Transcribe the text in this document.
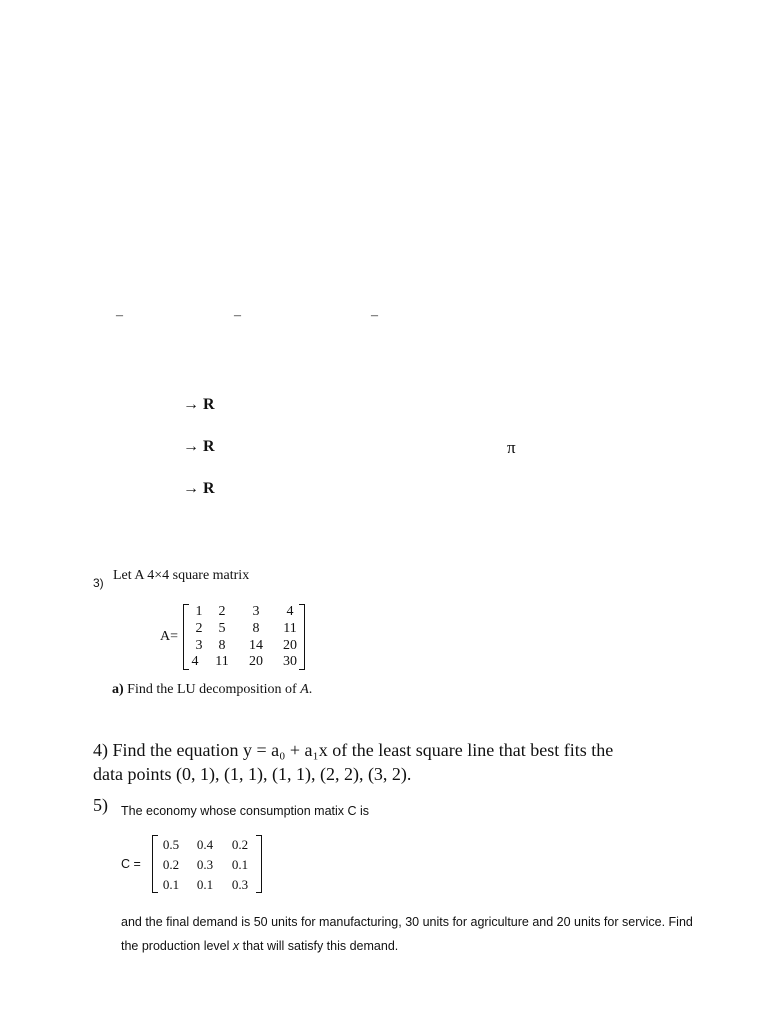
–	–	–
→ R
→ R
→ R
π
3) Let A 4×4 square matrix
A=
1	2	3	4
2	5	8	11
3	8	14 20
4	11 20 30
a) Find the LU decomposition of A.
4) Find the equation y = a₀ + a₁x of the least square line that best fits the
data points (0, 1), (1, 1), (1, 1), (2, 2), (3, 2).
5) The economy whose consumption matix C is
C =
0.5	0.4	0.2
0.2	0.3	0.1
0.1	0.1	0.3
and the final demand is 50 units for manufacturing, 30 units for agriculture and 20 units for service. Find
the production level x that will satisfy this demand.
